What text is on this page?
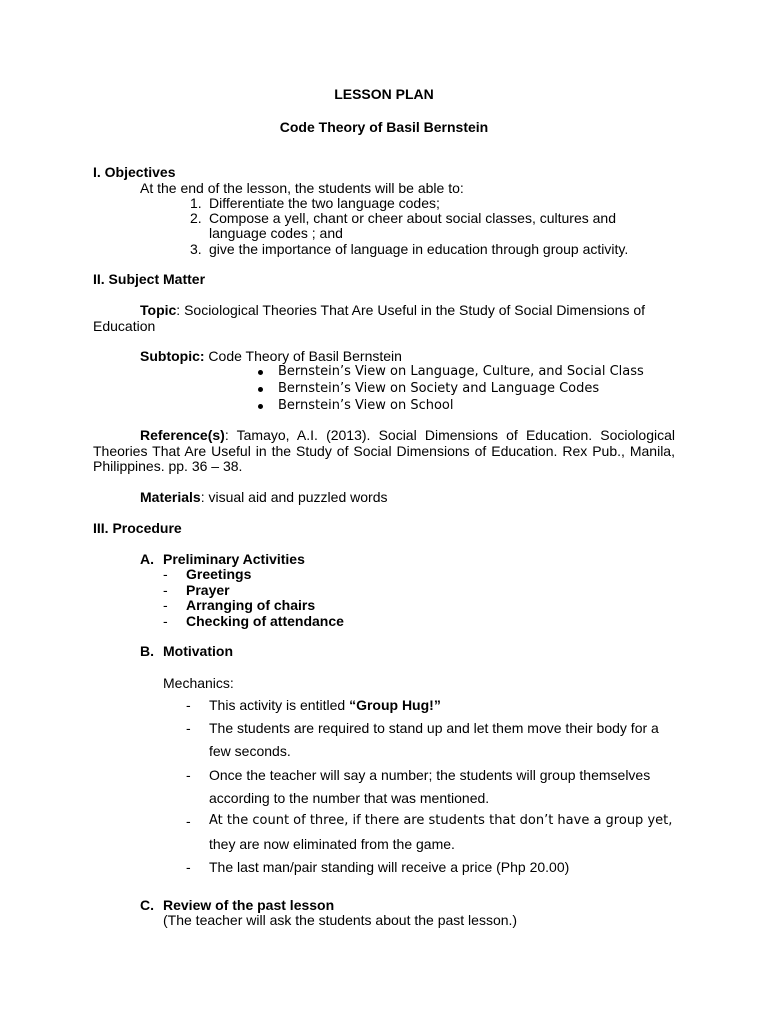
LESSON PLAN
Code Theory of Basil Bernstein
I. Objectives
At the end of the lesson, the students will be able to:
1. Differentiate the two language codes;
2. Compose a yell, chant or cheer about social classes, cultures and
language codes ; and
3. give the importance of language in education through group activity.
II. Subject Matter
Topic: Sociological Theories That Are Useful in the Study of Social Dimensions of
Education
Subtopic: Code Theory of Basil Bernstein
Bernstein’s View on Language, Culture, and Social Class
Bernstein’s View on Society and Language Codes
Bernstein’s View on School
Reference(s): Tamayo, A.I. (2013). Social Dimensions of Education. Sociological Theories That Are Useful in the Study of Social Dimensions of Education. Rex Pub., Manila, Philippines. pp. 36 – 38.
Materials: visual aid and puzzled words
III. Procedure
A. Preliminary Activities
- Greetings
- Prayer
- Arranging of chairs
- Checking of attendance
B. Motivation
Mechanics:
- This activity is entitled “Group Hug!”
- The students are required to stand up and let them move their body for a
few seconds.
- Once the teacher will say a number; the students will group themselves
according to the number that was mentioned.
- At the count of three, if there are students that don’t have a group yet,
they are now eliminated from the game.
- The last man/pair standing will receive a price (Php 20.00)
C. Review of the past lesson
(The teacher will ask the students about the past lesson.)
